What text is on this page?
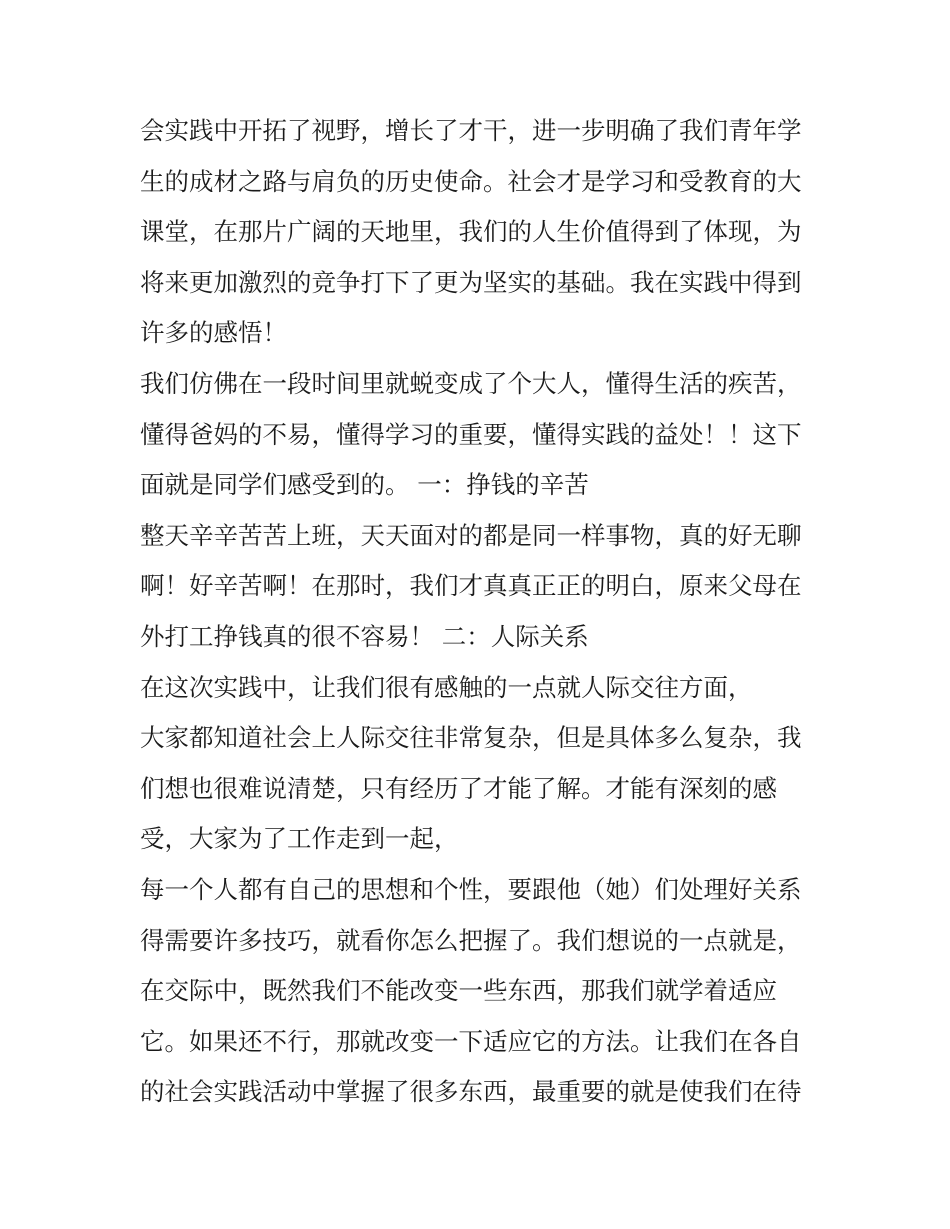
会实践中开拓了视野，增长了才干，进一步明确了我们青年学
生的成材之路与肩负的历史使命。社会才是学习和受教育的大
课堂，在那片广阔的天地里，我们的人生价值得到了体现，为
将来更加激烈的竞争打下了更为坚实的基础。我在实践中得到
许多的感悟！
我们仿佛在一段时间里就蜕变成了个大人，懂得生活的疾苦，
懂得爸妈的不易，懂得学习的重要，懂得实践的益处！！这下
面就是同学们感受到的。 一：挣钱的辛苦
整天辛辛苦苦上班，天天面对的都是同一样事物，真的好无聊
啊！好辛苦啊！在那时，我们才真真正正的明白，原来父母在
外打工挣钱真的很不容易！ 二：人际关系
在这次实践中，让我们很有感触的一点就人际交往方面，
大家都知道社会上人际交往非常复杂，但是具体多么复杂，我
们想也很难说清楚，只有经历了才能了解。才能有深刻的感
受，大家为了工作走到一起，
每一个人都有自己的思想和个性，要跟他（她）们处理好关系
得需要许多技巧，就看你怎么把握了。我们想说的一点就是，
在交际中，既然我们不能改变一些东西，那我们就学着适应
它。如果还不行，那就改变一下适应它的方法。让我们在各自
的社会实践活动中掌握了很多东西，最重要的就是使我们在待
